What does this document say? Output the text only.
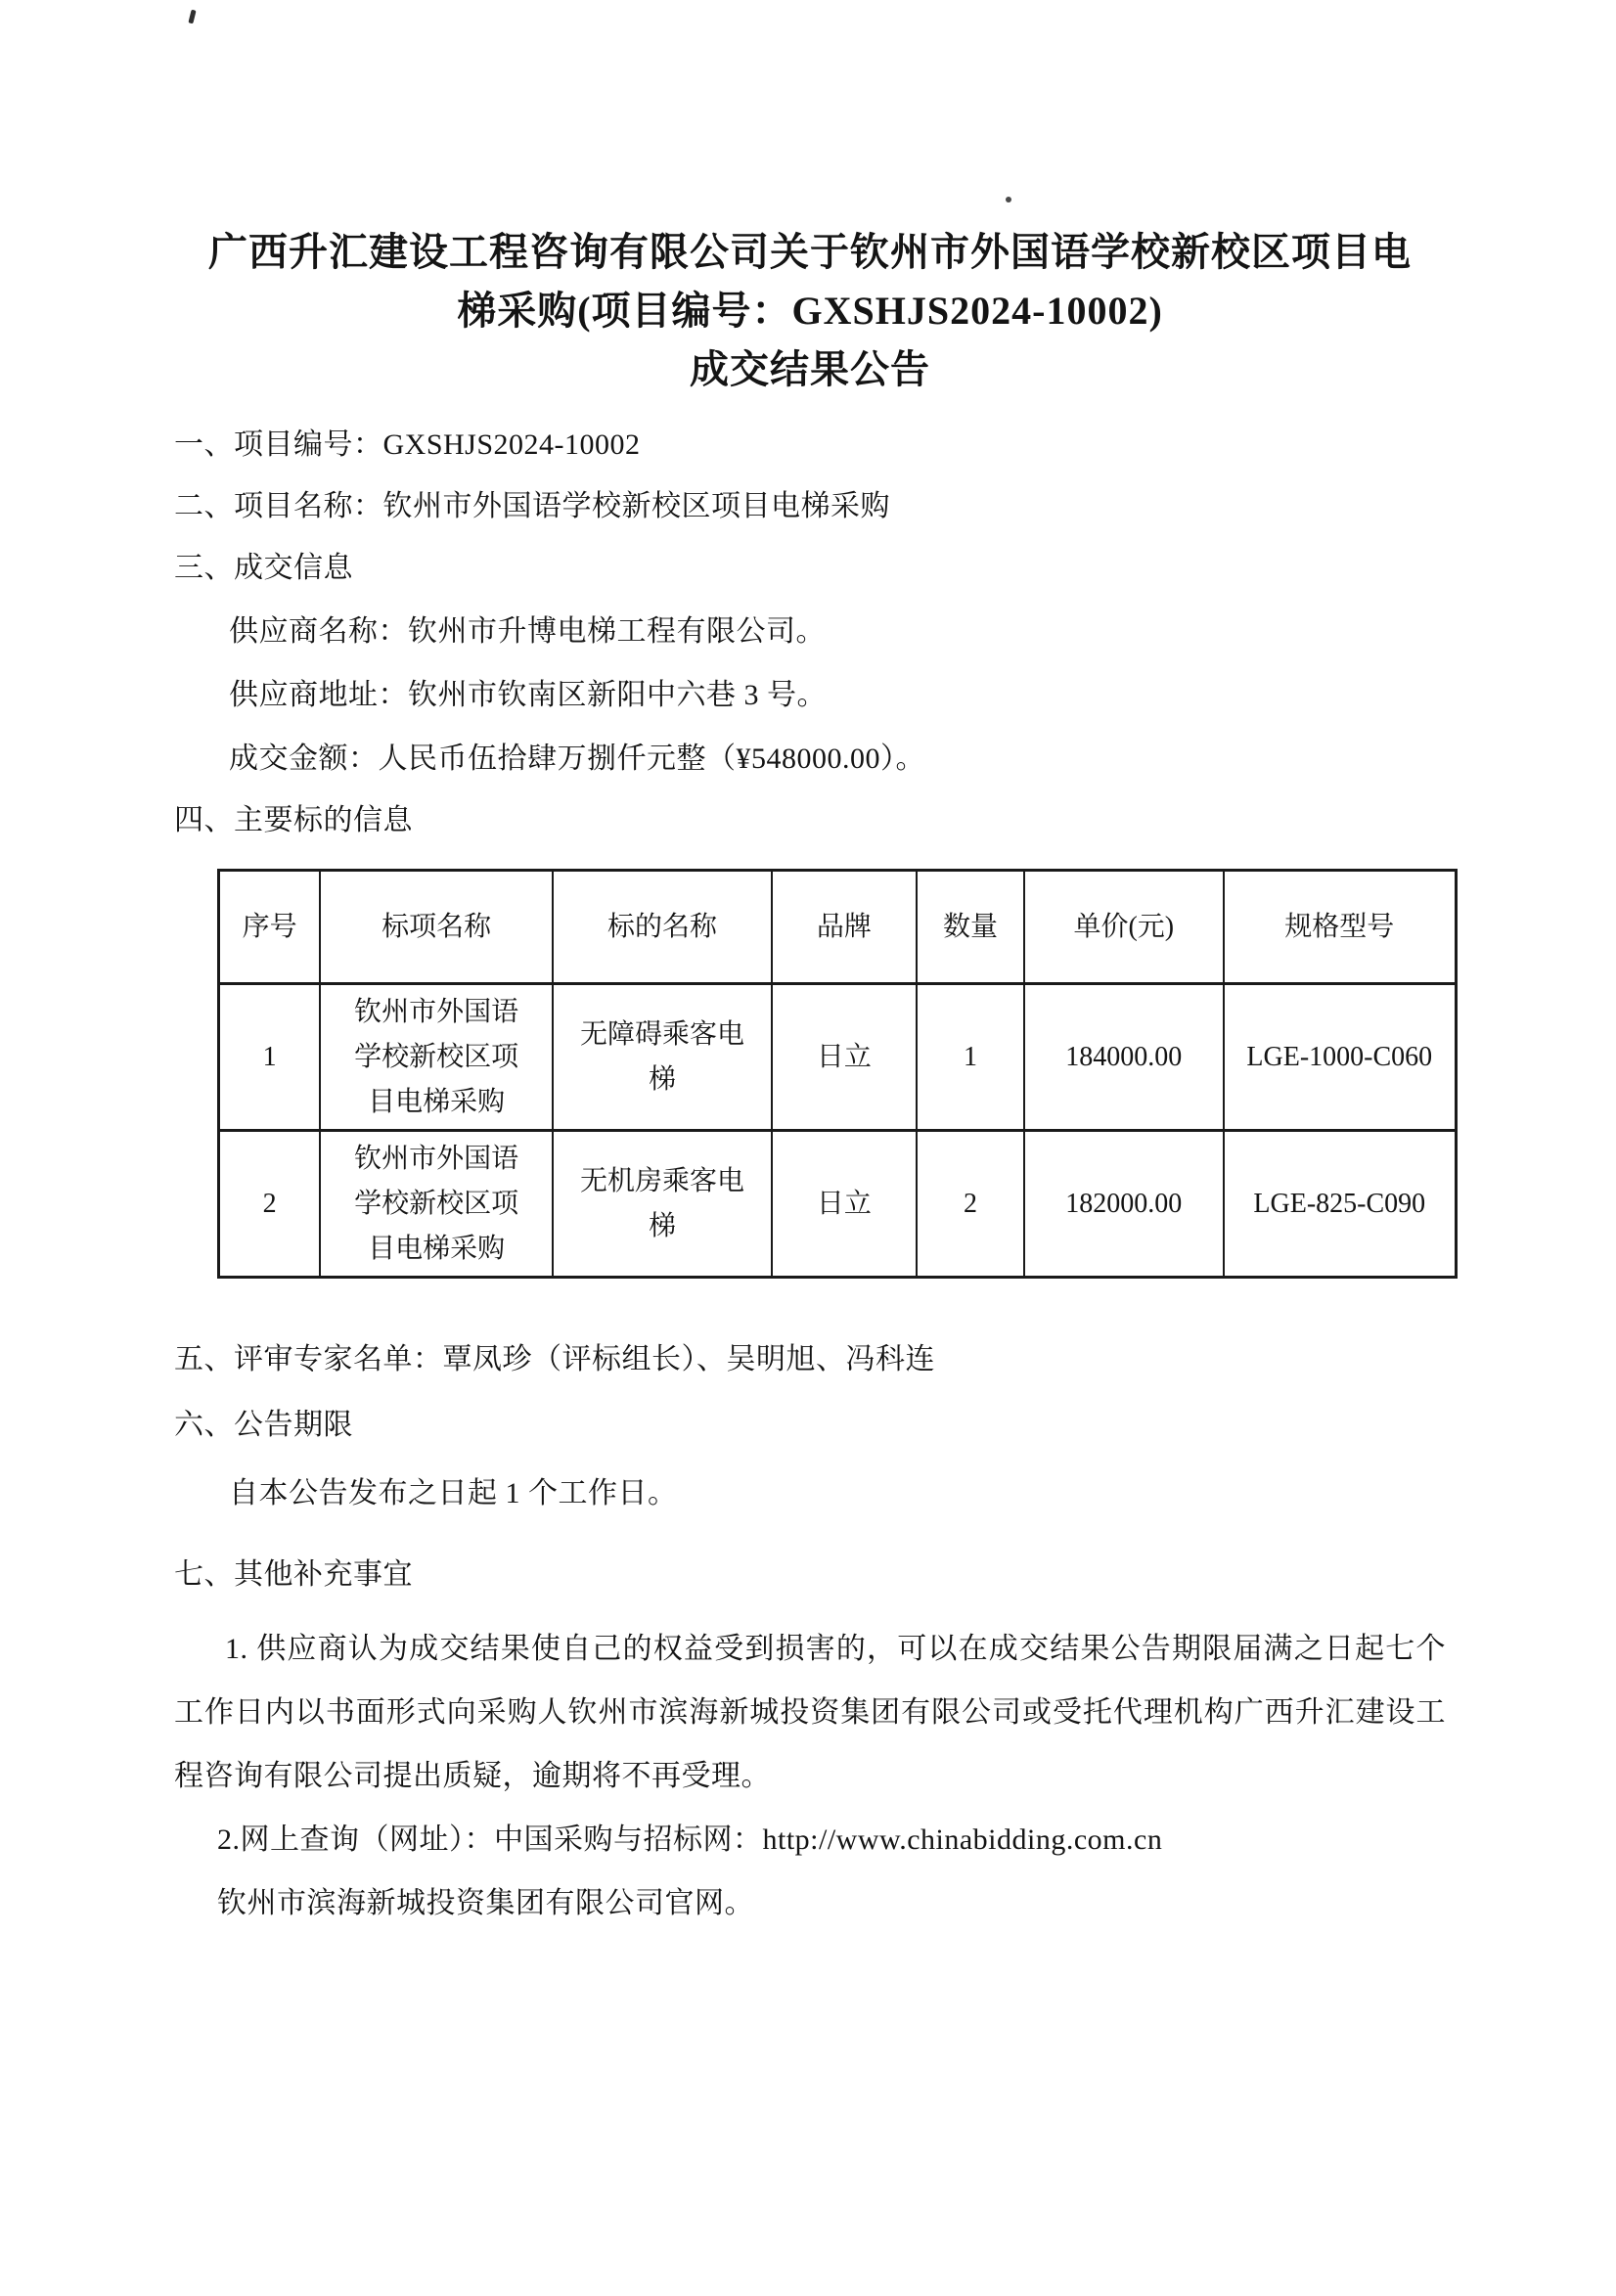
广西升汇建设工程咨询有限公司关于钦州市外国语学校新校区项目电
梯采购(项目编号：GXSHJS2024-10002)
成交结果公告
一、项目编号：GXSHJS2024-10002
二、项目名称：钦州市外国语学校新校区项目电梯采购
三、成交信息
供应商名称：钦州市升博电梯工程有限公司。
供应商地址：钦州市钦南区新阳中六巷 3 号。
成交金额：人民币伍拾肆万捌仟元整（¥548000.00）。
四、主要标的信息
序号	标项名称	标的名称	品牌	数量	单价(元)	规格型号
1	钦州市外国语学校新校区项目电梯采购	无障碍乘客电梯	日立	1	184000.00	LGE-1000-C060
2	钦州市外国语学校新校区项目电梯采购	无机房乘客电梯	日立	2	182000.00	LGE-825-C090
五、评审专家名单：覃凤珍（评标组长）、吴明旭、冯科连
六、公告期限
自本公告发布之日起 1 个工作日。
七、其他补充事宜
1. 供应商认为成交结果使自己的权益受到损害的，可以在成交结果公告期限届满之日起七个工作日内以书面形式向采购人钦州市滨海新城投资集团有限公司或受托代理机构广西升汇建设工程咨询有限公司提出质疑，逾期将不再受理。
2.网上查询（网址）：中国采购与招标网：http://www.chinabidding.com.cn
钦州市滨海新城投资集团有限公司官网。
